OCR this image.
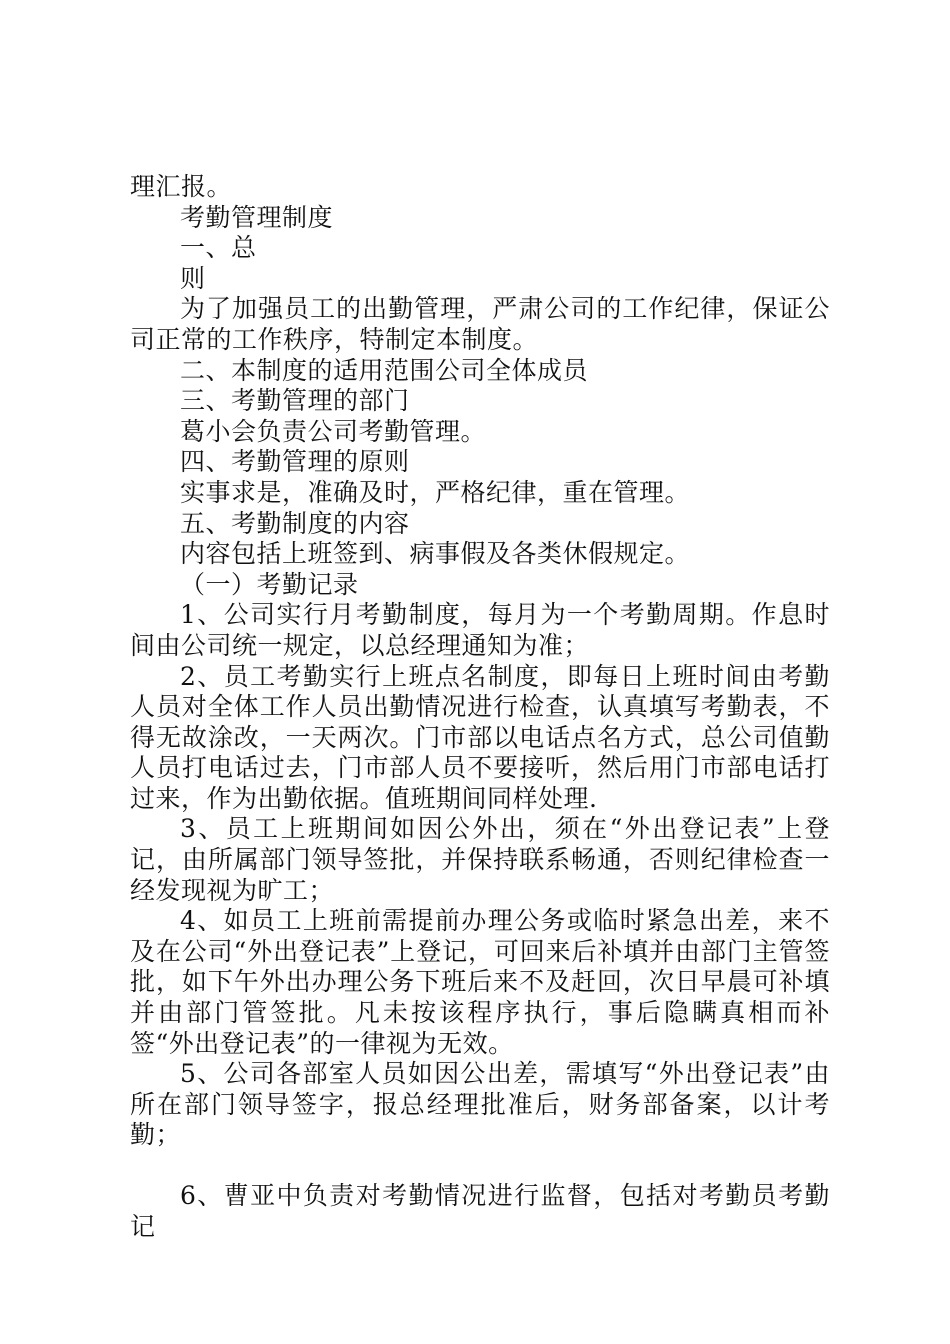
理汇报。

考勤管理制度

一、总

则

为了加强员工的出勤管理，严肃公司的工作纪律，保证公司正常的工作秩序，特制定本制度。

二、本制度的适用范围公司全体成员

三、考勤管理的部门

葛小会负责公司考勤管理。

四、考勤管理的原则

实事求是，准确及时，严格纪律，重在管理。

五、考勤制度的内容

内容包括上班签到、病事假及各类休假规定。

（一）考勤记录

1、公司实行月考勤制度，每月为一个考勤周期。作息时间由公司统一规定，以总经理通知为准；

2、员工考勤实行上班点名制度，即每日上班时间由考勤人员对全体工作人员出勤情况进行检查，认真填写考勤表，不得无故涂改，一天两次。门市部以电话点名方式，总公司值勤人员打电话过去，门市部人员不要接听，然后用门市部电话打过来，作为出勤依据。值班期间同样处理.

3、员工上班期间如因公外出，须在“外出登记表”上登记，由所属部门领导签批，并保持联系畅通，否则纪律检查一经发现视为旷工；

4、如员工上班前需提前办理公务或临时紧急出差，来不及在公司“外出登记表”上登记，可回来后补填并由部门主管签批，如下午外出办理公务下班后来不及赶回，次日早晨可补填并由部门管签批。凡未按该程序执行，事后隐瞒真相而补签“外出登记表”的一律视为无效。

5、公司各部室人员如因公出差，需填写“外出登记表”由所在部门领导签字，报总经理批准后，财务部备案，以计考勤；

6、曹亚中负责对考勤情况进行监督，包括对考勤员考勤记
